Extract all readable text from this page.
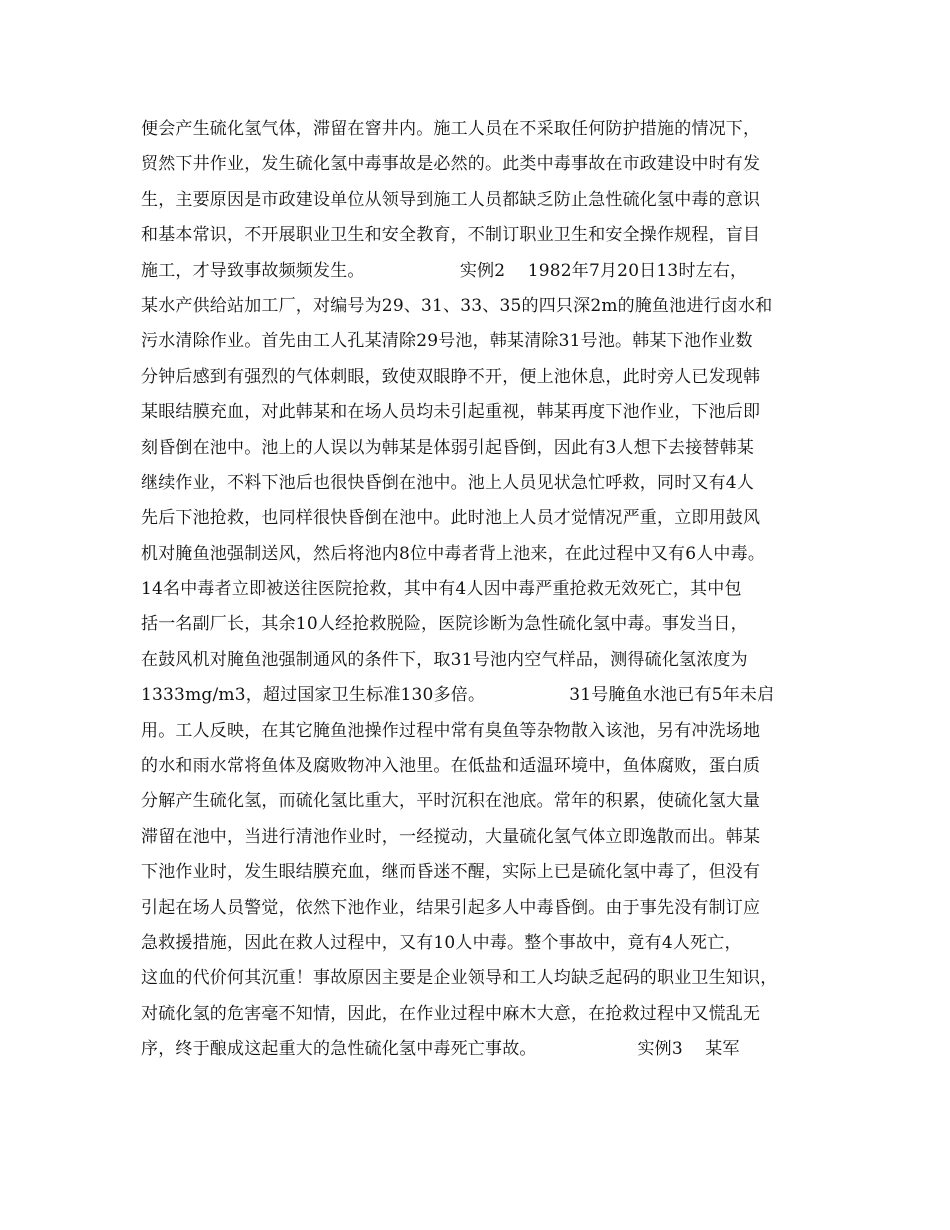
便会产生硫化氢气体，滞留在窨井内。施工人员在不采取任何防护措施的情况下，
贸然下井作业，发生硫化氢中毒事故是必然的。此类中毒事故在市政建设中时有发
生，主要原因是市政建设单位从领导到施工人员都缺乏防止急性硫化氢中毒的意识
和基本常识，不开展职业卫生和安全教育，不制订职业卫生和安全操作规程，盲目
施工，才导致事故频频发生。                 实例2    1982年7月20日13时左右，
某水产供给站加工厂，对编号为29、31、33、35的四只深2m的腌鱼池进行卤水和
污水清除作业。首先由工人孔某清除29号池，韩某清除31号池。韩某下池作业数
分钟后感到有强烈的气体刺眼，致使双眼睁不开，便上池休息，此时旁人已发现韩
某眼结膜充血，对此韩某和在场人员均未引起重视，韩某再度下池作业，下池后即
刻昏倒在池中。池上的人误以为韩某是体弱引起昏倒，因此有3人想下去接替韩某
继续作业，不料下池后也很快昏倒在池中。池上人员见状急忙呼救，同时又有4人
先后下池抢救，也同样很快昏倒在池中。此时池上人员才觉情况严重，立即用鼓风
机对腌鱼池强制送风，然后将池内8位中毒者背上池来，在此过程中又有6人中毒。
14名中毒者立即被送往医院抢救，其中有4人因中毒严重抢救无效死亡，其中包
括一名副厂长，其余10人经抢救脱险，医院诊断为急性硫化氢中毒。事发当日，
在鼓风机对腌鱼池强制通风的条件下，取31号池内空气样品，测得硫化氢浓度为
1333mg/m3，超过国家卫生标准130多倍。               31号腌鱼水池已有5年未启
用。工人反映，在其它腌鱼池操作过程中常有臭鱼等杂物散入该池，另有冲洗场地
的水和雨水常将鱼体及腐败物冲入池里。在低盐和适温环境中，鱼体腐败，蛋白质
分解产生硫化氢，而硫化氢比重大，平时沉积在池底。常年的积累，使硫化氢大量
滞留在池中，当进行清池作业时，一经搅动，大量硫化氢气体立即逸散而出。韩某
下池作业时，发生眼结膜充血，继而昏迷不醒，实际上已是硫化氢中毒了，但没有
引起在场人员警觉，依然下池作业，结果引起多人中毒昏倒。由于事先没有制订应
急救援措施，因此在救人过程中，又有10人中毒。整个事故中，竟有4人死亡，
这血的代价何其沉重！事故原因主要是企业领导和工人均缺乏起码的职业卫生知识，
对硫化氢的危害毫不知情，因此，在作业过程中麻木大意，在抢救过程中又慌乱无
序，终于酿成这起重大的急性硫化氢中毒死亡事故。                  实例3    某军
